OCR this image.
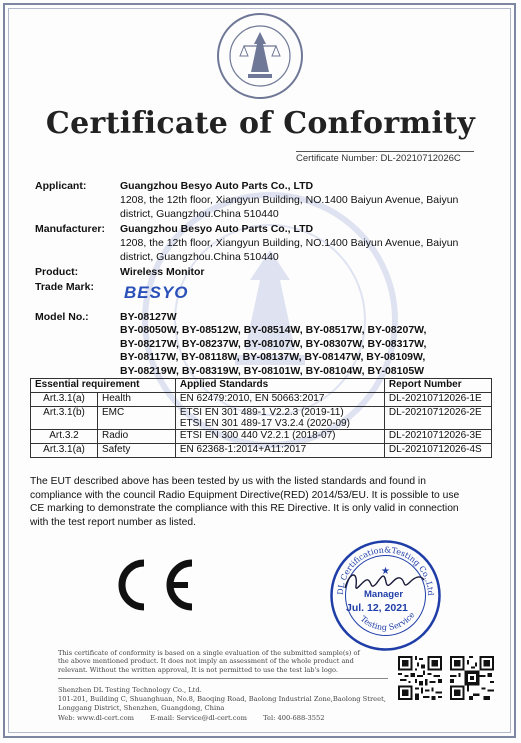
Certificate of Conformity
Certificate Number: DL-20210712026C
Applicant:	Guangzhou Besyo Auto Parts Co., LTD
1208, the 12th floor, Xiangyun Building, NO.1400 Baiyun Avenue, Baiyun
district, Guangzhou.China 510440
Manufacturer: Guangzhou Besyo Auto Parts Co., LTD
1208, the 12th floor, Xiangyun Building, NO.1400 Baiyun Avenue, Baiyun
district, Guangzhou.China 510440
Product:	Wireless Monitor
Trade Mark: BESYO
Model No.:	BY-08127W
BY-08050W, BY-08512W, BY-08514W, BY-08517W, BY-08207W,
BY-08217W, BY-08237W, BY-08107W, BY-08307W, BY-08317W,
BY-08117W, BY-08118W, BY-08137W, BY-08147W, BY-08109W,
BY-08219W, BY-08319W, BY-08101W, BY-08104W, BY-08105W
Essential requirement		Applied Standards	Report Number
Art.3.1(a)	Health	EN 62479:2010, EN 50663:2017	DL-20210712026-1E
Art.3.1(b)	EMC	ETSI EN 301 489-1 V2.2.3 (2019-11)
ETSI EN 301 489-17 V3.2.4 (2020-09)	DL-20210712026-2E
Art.3.2	Radio	ETSI EN 300 440 V2.2.1 (2018-07)	DL-20210712026-3E
Art.3.1(a)	Safety	EN 62368-1:2014+A11:2017	DL-20210712026-4S
The EUT described above has been tested by us with the listed standards and found in
compliance with the council Radio Equipment Directive(RED) 2014/53/EU. It is possible to use
CE marking to demonstrate the compliance with this RE Directive. It is only valid in connection
with the test report number as listed.
DL Certification&Testing Co.,Ltd
Testing Service
★
Manager
Jul. 12, 2021
This certificate of conformity is based on a single evaluation of the submitted sample(s) of
the above mentioned product. It does not imply an assessment of the whole product and
relevant. Without the written approval, It is not permitted to use the test lab's logo.
Shenzhen DL Testing Technology Co., Ltd.
101-201, Building C, Shuanghuan, No.8, Baoqing Road, Baolong Industrial Zone,Baolong Street,
Longgang District, Shenzhen, Guangdong, China
Web: www.dl-cert.com E-mail: Service@dl-cert.com Tel: 400-688-3552
